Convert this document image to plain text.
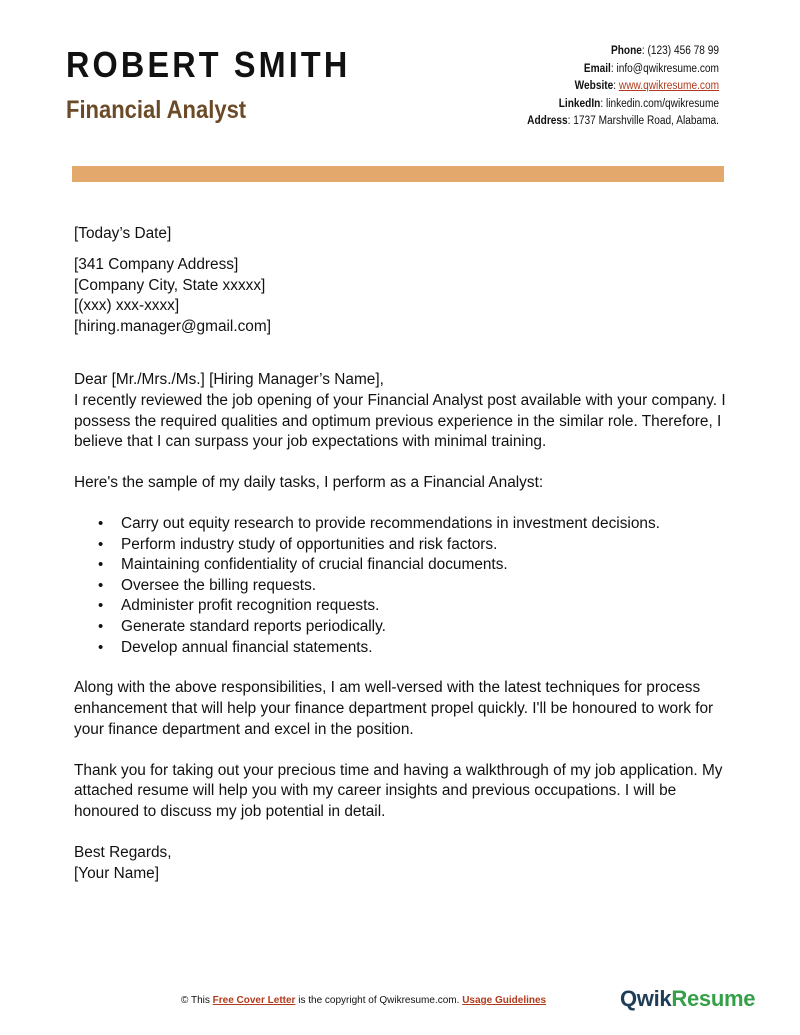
ROBERT SMITH
Financial Analyst
Phone: (123) 456 78 99
Email: info@qwikresume.com
Website: www.qwikresume.com
LinkedIn: linkedin.com/qwikresume
Address: 1737 Marshville Road, Alabama.

[Today’s Date]

[341 Company Address]

[Company City, State xxxxx]

[(xxx) xxx-xxxx]

[hiring.manager@gmail.com]

Dear [Mr./Mrs./Ms.] [Hiring Manager’s Name],

I recently reviewed the job opening of your Financial Analyst post available with your company. I possess the required qualities and optimum previous experience in the similar role. Therefore, I believe that I can surpass your job expectations with minimal training.

Here's the sample of my daily tasks, I perform as a Financial Analyst:

• Carry out equity research to provide recommendations in investment decisions.
• Perform industry study of opportunities and risk factors.
• Maintaining confidentiality of crucial financial documents.
• Oversee the billing requests.
• Administer profit recognition requests.
• Generate standard reports periodically.
• Develop annual financial statements.

Along with the above responsibilities, I am well-versed with the latest techniques for process enhancement that will help your finance department propel quickly. I'll be honoured to work for your finance department and excel in the position.

Thank you for taking out your precious time and having a walkthrough of my job application. My attached resume will help you with my career insights and previous occupations. I will be honoured to discuss my job potential in detail.

Best Regards,

[Your Name]

© This Free Cover Letter is the copyright of Qwikresume.com. Usage Guidelines	QwikResume
